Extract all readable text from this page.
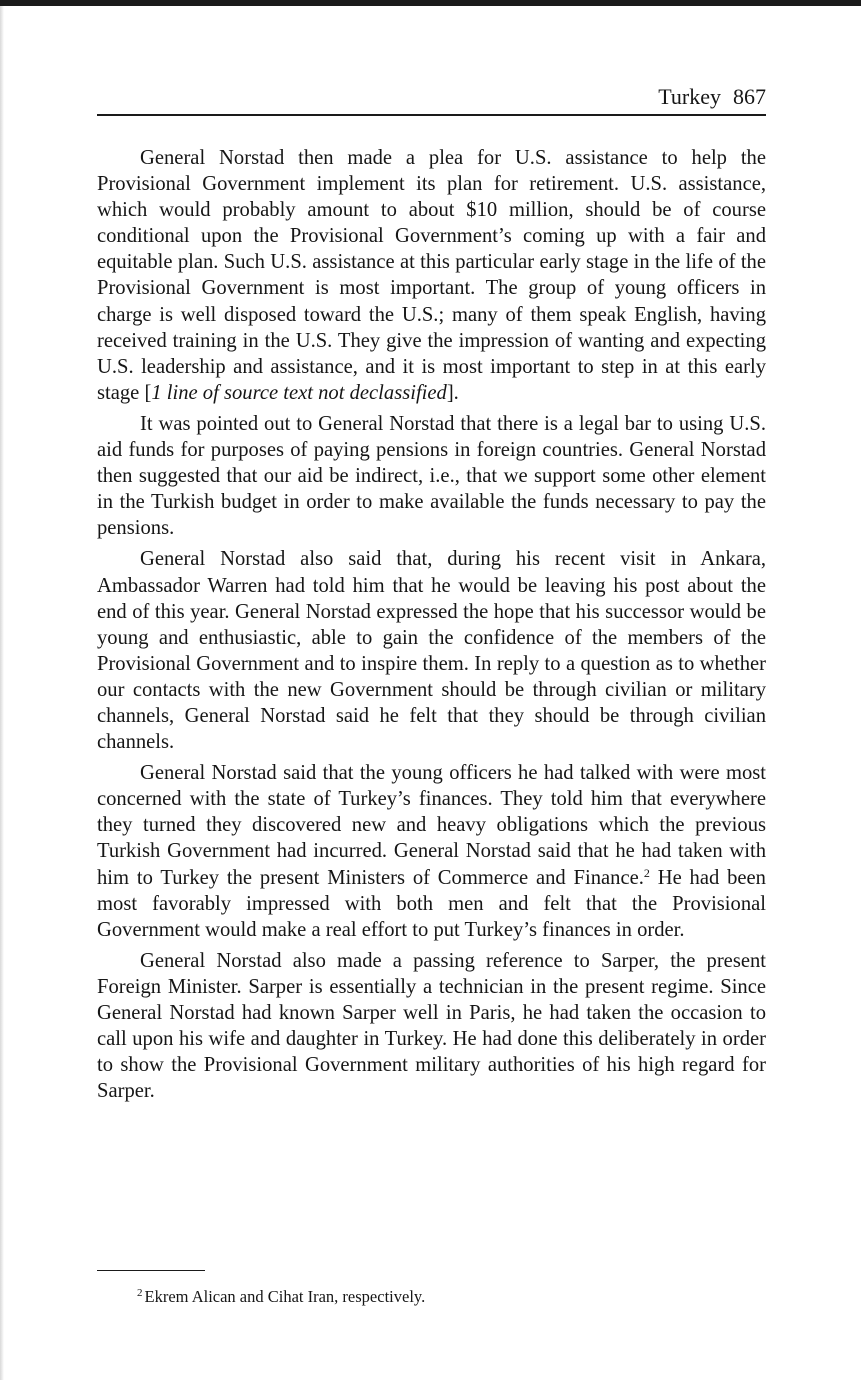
Turkey 867

General Norstad then made a plea for U.S. assistance to help the Provisional Government implement its plan for retirement. U.S. assistance, which would probably amount to about $10 million, should be of course conditional upon the Provisional Government’s coming up with a fair and equitable plan. Such U.S. assistance at this particular early stage in the life of the Provisional Government is most important. The group of young officers in charge is well disposed toward the U.S.; many of them speak English, having received training in the U.S. They give the impression of wanting and expecting U.S. leadership and assistance, and it is most important to step in at this early stage [1 line of source text not declassified].

It was pointed out to General Norstad that there is a legal bar to using U.S. aid funds for purposes of paying pensions in foreign countries. General Norstad then suggested that our aid be indirect, i.e., that we support some other element in the Turkish budget in order to make available the funds necessary to pay the pensions.

General Norstad also said that, during his recent visit in Ankara, Ambassador Warren had told him that he would be leaving his post about the end of this year. General Norstad expressed the hope that his successor would be young and enthusiastic, able to gain the confidence of the members of the Provisional Government and to inspire them. In reply to a question as to whether our contacts with the new Government should be through civilian or military channels, General Norstad said he felt that they should be through civilian channels.

General Norstad said that the young officers he had talked with were most concerned with the state of Turkey’s finances. They told him that everywhere they turned they discovered new and heavy obligations which the previous Turkish Government had incurred. General Norstad said that he had taken with him to Turkey the present Ministers of Commerce and Finance.$^2$ He had been most favorably impressed with both men and felt that the Provisional Government would make a real effort to put Turkey’s finances in order.

General Norstad also made a passing reference to Sarper, the present Foreign Minister. Sarper is essentially a technician in the present regime. Since General Norstad had known Sarper well in Paris, he had taken the occasion to call upon his wife and daughter in Turkey. He had done this deliberately in order to show the Provisional Government military authorities of his high regard for Sarper.

$^2$ Ekrem Alican and Cihat Iran, respectively.
